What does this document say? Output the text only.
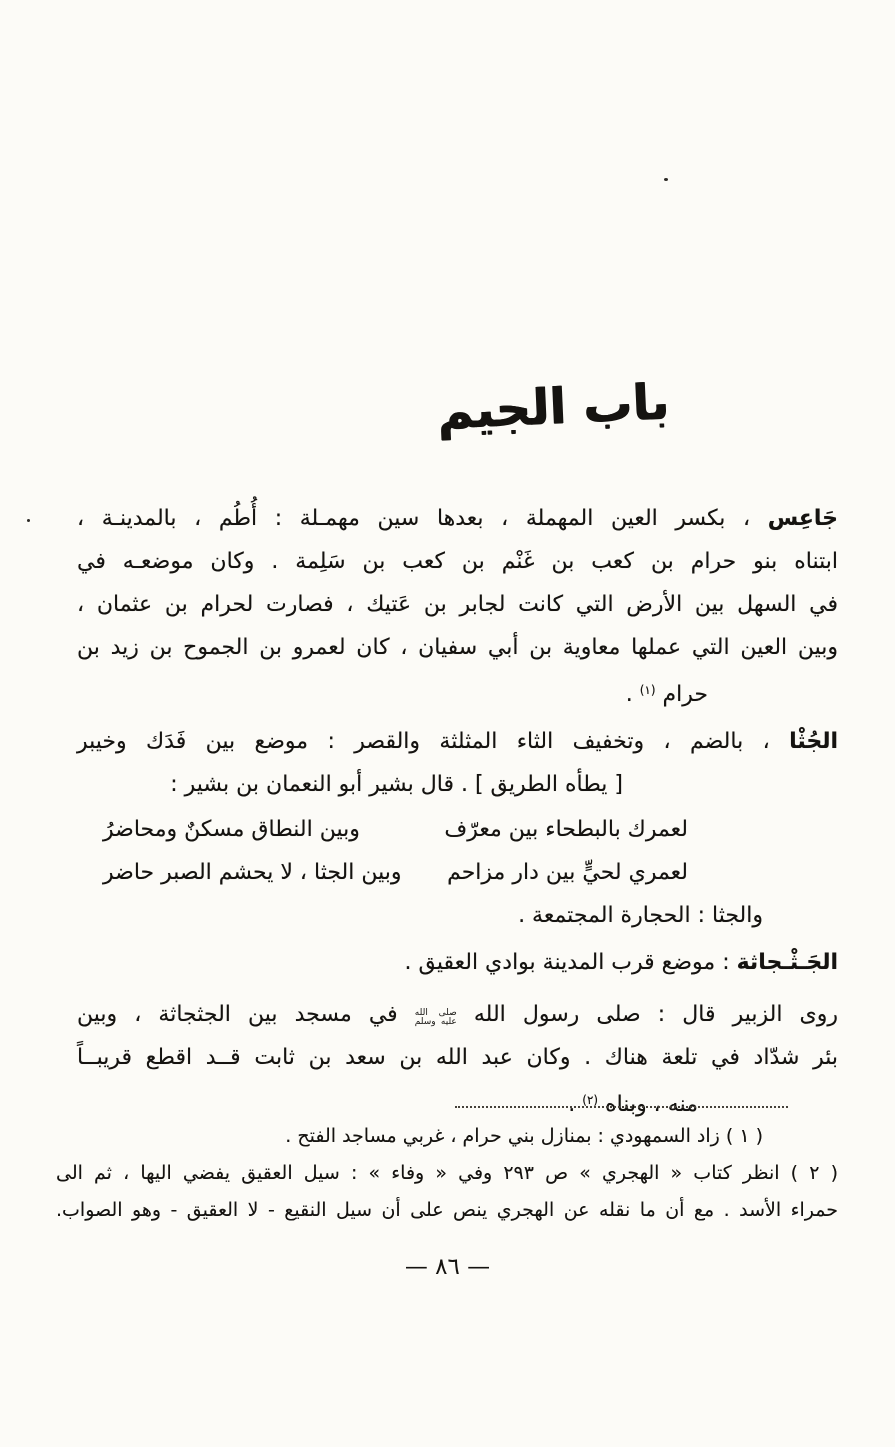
باب الجيم
جَاعِس ، بكسر العين المهملة ، بعدها سين مهمـلة : أُطُم ، بالمدينـة ،
ابتناه بنو حرام بن كعب بن غَنْم بن كعب بن سَلِمة . وكان موضعـه في
في السهل بين الأرض التي كانت لجابر بن عَتيك ، فصارت لحرام بن عثمان ،
وبين العين التي عملها معاوية بن أبي سفيان ، كان لعمرو بن الجموح بن زيد بن
حرام $^{(١)}$ .
الجُثْا ، بالضم ، وتخفيف الثاء المثلثة والقصر : موضع بين فَدَك وخيبر
[ يطأه الطريق ] . قال بشير أبو النعمان بن بشير :
لعمرك بالبطحاء بين معرّف
وبين النطاق مسكنٌ ومحاضرُ
لعمري لحيٍّ بين دار مزاحم
وبين الجثا ، لا يحشم الصبر حاضر
والجثا : الحجارة المجتمعة .
الجَـثْـجاثة : موضع قرب المدينة بوادي العقيق .
روى الزبير قال : صلى رسول الله صلى الله
عليه وسلم في مسجد بين الجثجاثة ، وبين
بئر شدّاد في تلعة هناك . وكان عبد الله بن سعد بن ثابت قــد اقطع قريبــاً
منه ، وبناه $^{(٢)}$ .
( ١ ) زاد السمهودي : بمنازل بني حرام ، غربي مساجد الفتح .
( ٢ ) انظر كتاب « الهجري » ص ٢٩٣ وفي « وفاء » : سيل العقيق يفضي اليها ، ثم الى
حمراء الأسد . مع أن ما نقله عن الهجري ينص على أن سيل النقيع - لا العقيق - وهو الصواب.
— ٨٦ —
